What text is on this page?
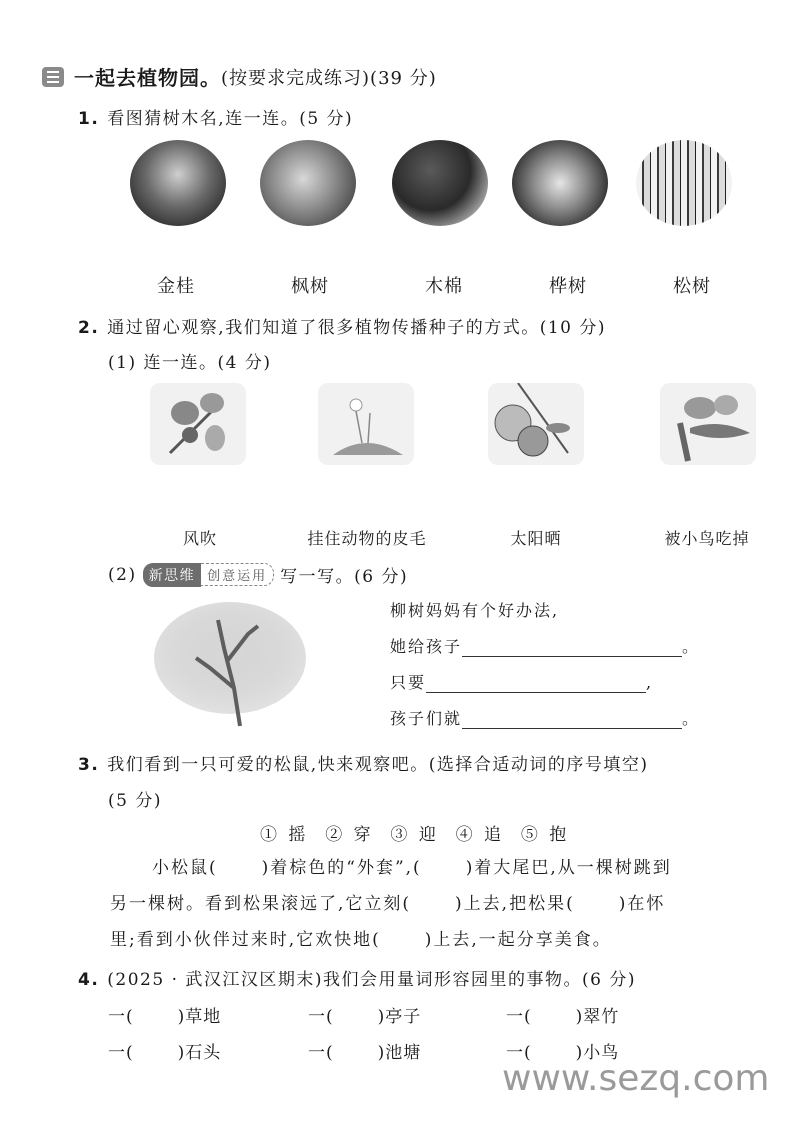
一起去植物园。 (按要求完成练习)(39 分)
1. 看图猜树木名,连一连。(5 分)
金桂	枫树	木棉	桦树	松树
2. 通过留心观察,我们知道了很多植物传播种子的方式。(10 分)
(1) 连一连。(4 分)
风吹	挂住动物的皮毛	太阳晒	被小鸟吃掉
(2) 新思维 创意运用 写一写。(6 分)
柳树妈妈有个好办法,
她给孩子	。
只要	,
孩子们就	。
3. 我们看到一只可爱的松鼠,快来观察吧。(选择合适动词的序号填空)
(5 分)
① 摇  ② 穿  ③ 迎  ④ 追  ⑤ 抱
小松鼠(	)着棕色的“外套”,(	)着大尾巴,从一棵树跳到
另一棵树。看到松果滚远了,它立刻(	)上去,把松果(	)在怀
里;看到小伙伴过来时,它欢快地(	)上去,一起分享美食。
4. (2025 · 武汉江汉区期末)我们会用量词形容园里的事物。(6 分)
一(	)草地	一(	)亭子	一(	)翠竹
一(	)石头	一(	)池塘	一(	)小鸟
www.sezq.com
